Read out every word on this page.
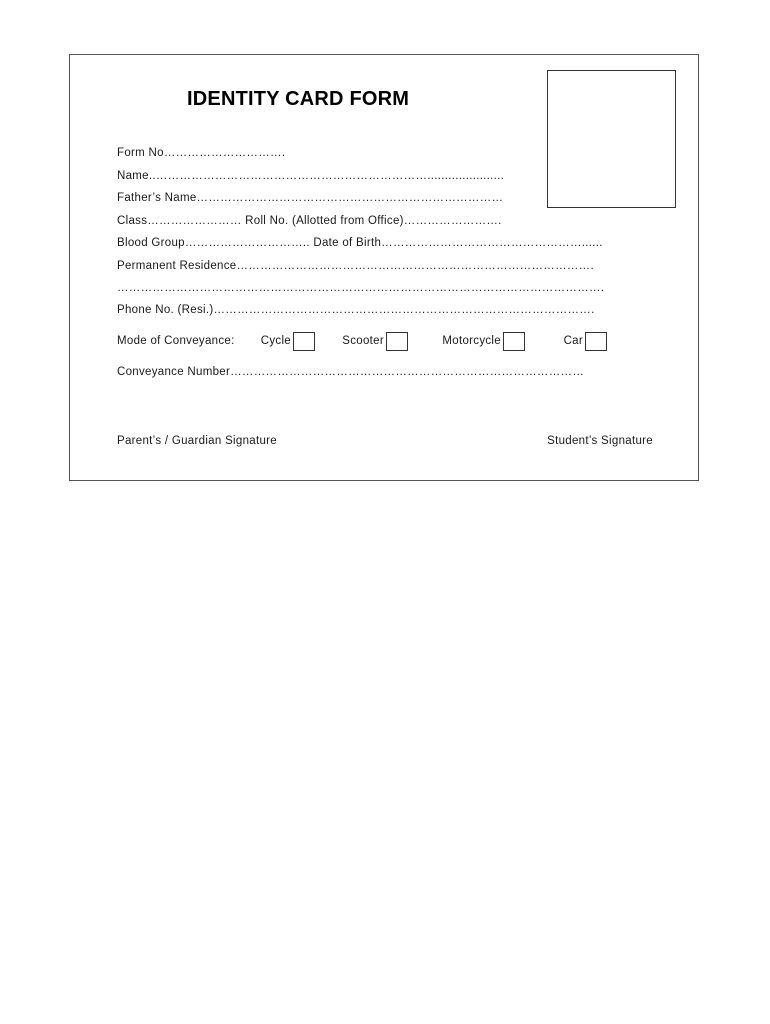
IDENTITY CARD FORM
Form No………………………….
Name..……………………………………………………………......................
Father’s Name……………………………………………………………………
Class…………………… Roll No. (Allotted from Office)…………………….
Blood Group………………………….. Date of Birth……………………………………………......
Permanent Residence……………………………………………………………………………….
…………………………………………………………………………………………………………….
Phone No. (Resi.)…………………………………………………………………………………….
Mode of Conveyance: Cycle	Scooter	Motorcycle	Car
Conveyance Number………………………………………………………………………………
Parent’s / Guardian Signature	Student’s Signature
